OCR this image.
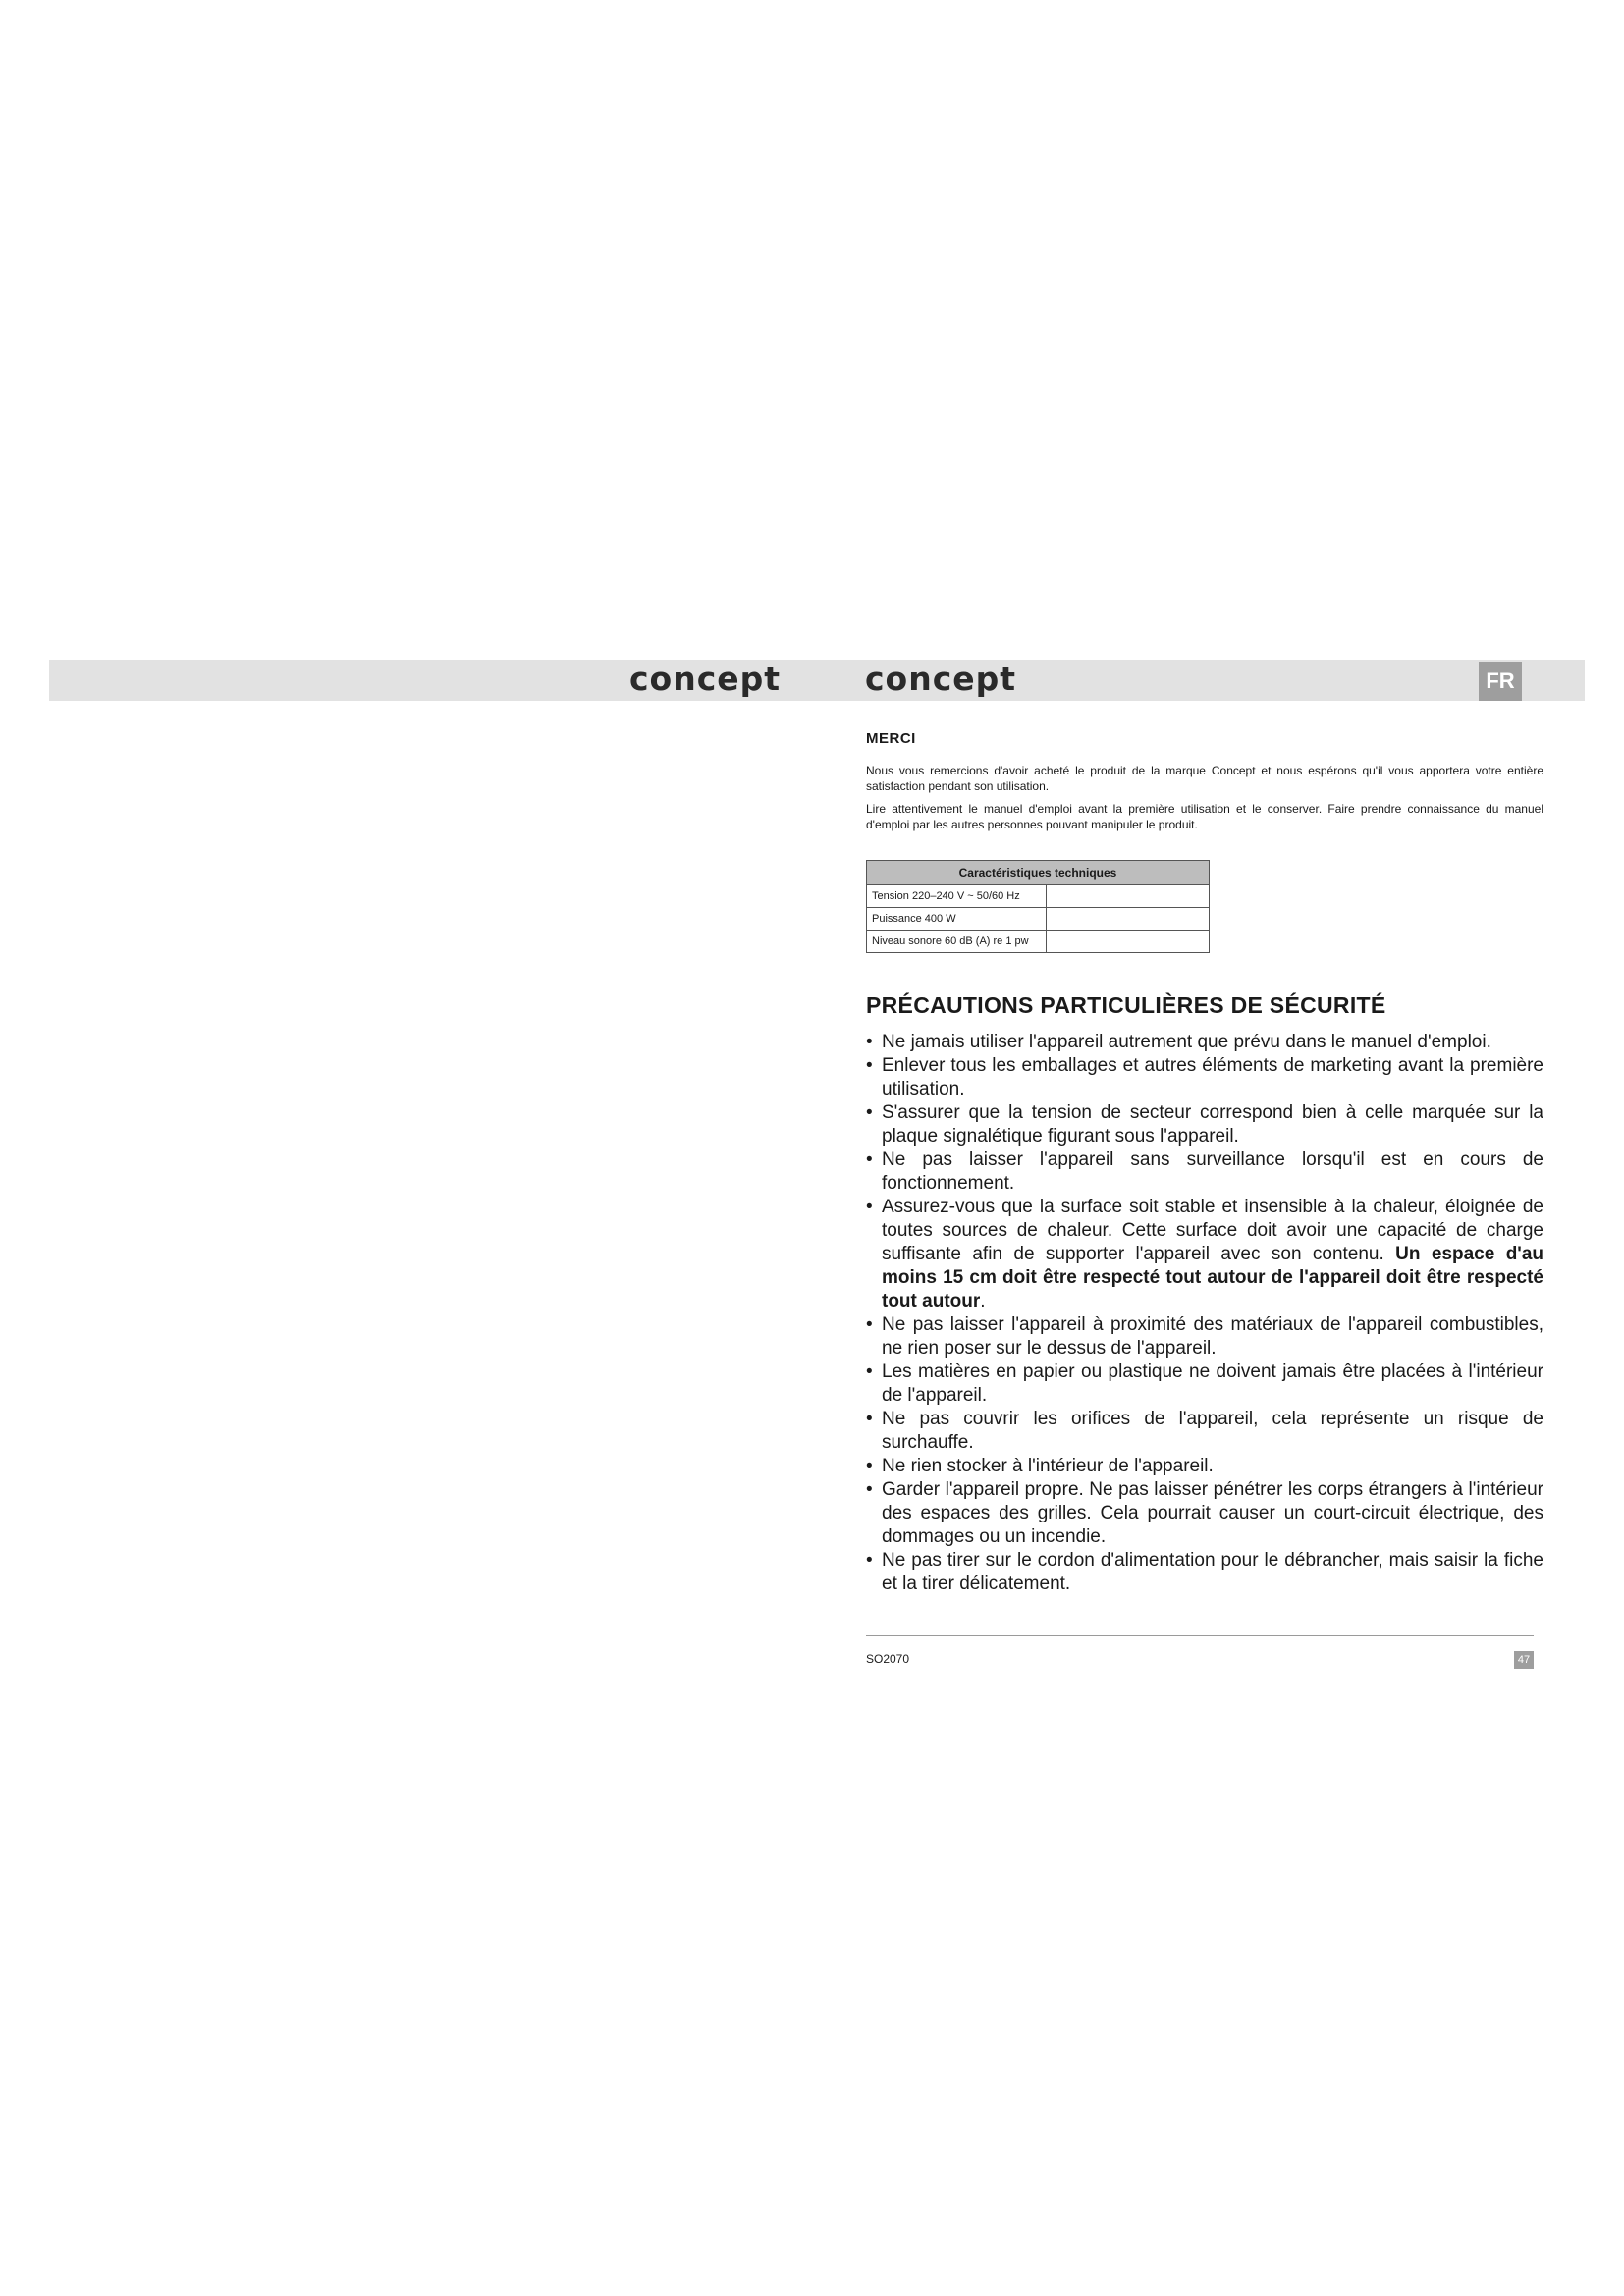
concept	concept	FR
MERCI

Nous vous remercions d'avoir acheté le produit de la marque Concept et nous espérons qu'il vous apportera votre entière satisfaction pendant son utilisation.

Lire attentivement le manuel d'emploi avant la première utilisation et le conserver. Faire prendre connaissance du manuel d'emploi par les autres personnes pouvant manipuler le produit.

Caractéristiques techniques	
Tension 220–240 V ~ 50/60 Hz	
Puissance 400 W	
Niveau sonore 60 dB (A) re 1 pw	
PRÉCAUTIONS PARTICULIÈRES DE SÉCURITÉ
• Ne jamais utiliser l'appareil autrement que prévu dans le manuel d'emploi.
• Enlever tous les emballages et autres éléments de marketing avant la première utilisation.
• S'assurer que la tension de secteur correspond bien à celle marquée sur la plaque signalétique figurant sous l'appareil.
• Ne pas laisser l'appareil sans surveillance lorsqu'il est en cours de fonctionnement.
• Assurez-vous que la surface soit stable et insensible à la chaleur, éloignée de toutes sources de chaleur. Cette surface doit avoir une capacité de charge suffisante afin de supporter l'appareil avec son contenu. Un espace d'au moins 15 cm doit être respecté tout autour de l'appareil doit être respecté tout autour.
• Ne pas laisser l'appareil à proximité des matériaux de l'appareil combustibles, ne rien poser sur le dessus de l'appareil.
• Les matières en papier ou plastique ne doivent jamais être placées à l'intérieur de l'appareil.
• Ne pas couvrir les orifices de l'appareil, cela représente un risque de surchauffe.
• Ne rien stocker à l'intérieur de l'appareil.
• Garder l'appareil propre. Ne pas laisser pénétrer les corps étrangers à l'intérieur des espaces des grilles. Cela pourrait causer un court-circuit électrique, des dommages ou un incendie.
• Ne pas tirer sur le cordon d'alimentation pour le débrancher, mais saisir la fiche et la tirer délicatement.
SO2070	47
